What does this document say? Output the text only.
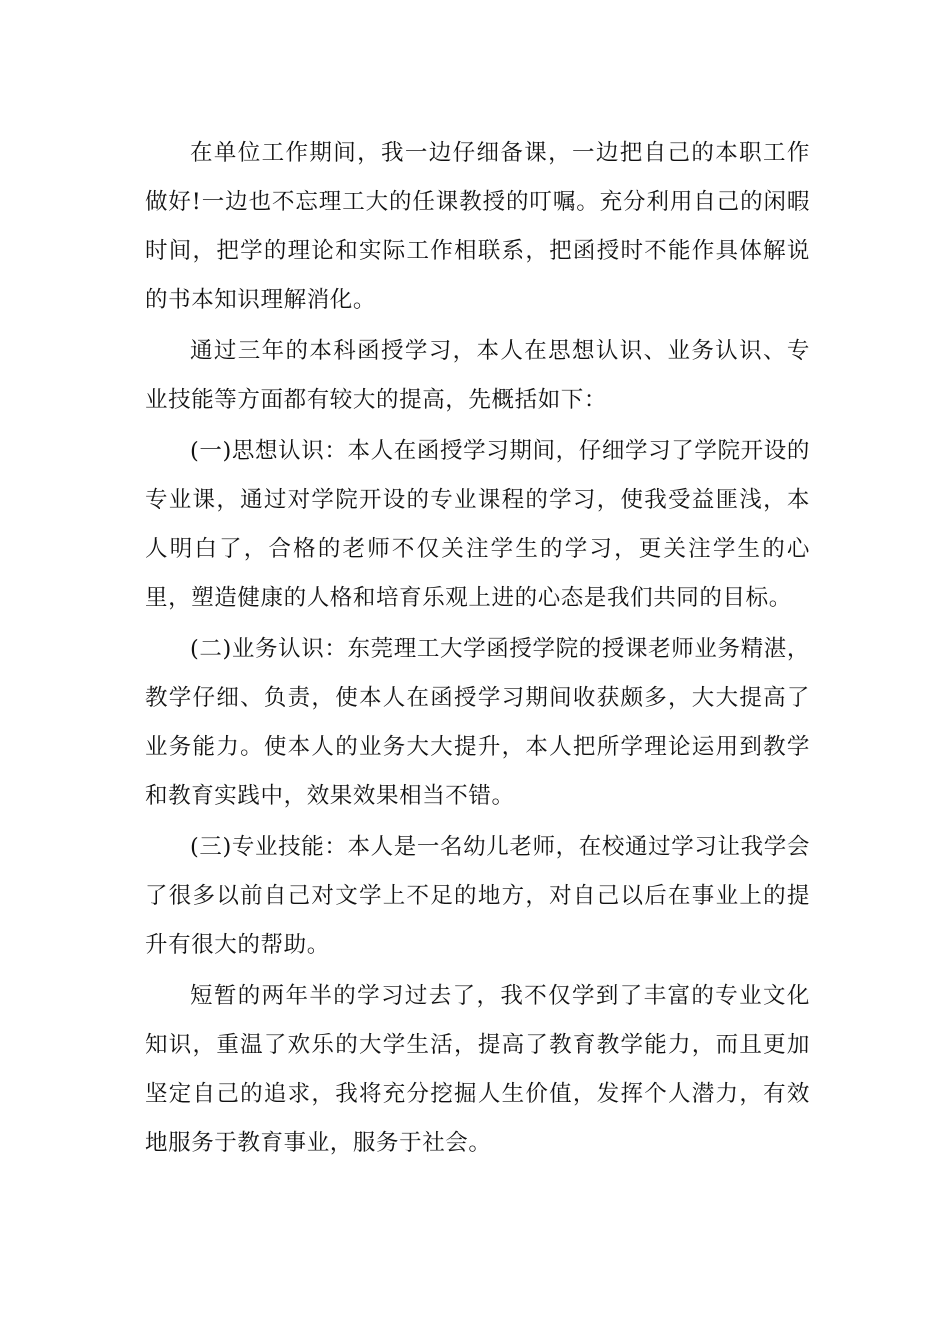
在单位工作期间，我一边仔细备课，一边把自己的本职工作做好!一边也不忘理工大的任课教授的叮嘱。充分利用自己的闲暇时间，把学的理论和实际工作相联系，把函授时不能作具体解说的书本知识理解消化。

通过三年的本科函授学习，本人在思想认识、业务认识、专业技能等方面都有较大的提高，先概括如下：

(一)思想认识：本人在函授学习期间，仔细学习了学院开设的专业课，通过对学院开设的专业课程的学习，使我受益匪浅，本人明白了，合格的老师不仅关注学生的学习，更关注学生的心里，塑造健康的人格和培育乐观上进的心态是我们共同的目标。

(二)业务认识：东莞理工大学函授学院的授课老师业务精湛，教学仔细、负责，使本人在函授学习期间收获颇多，大大提高了业务能力。使本人的业务大大提升，本人把所学理论运用到教学和教育实践中，效果效果相当不错。

(三)专业技能：本人是一名幼儿老师，在校通过学习让我学会了很多以前自己对文学上不足的地方，对自己以后在事业上的提升有很大的帮助。

短暂的两年半的学习过去了，我不仅学到了丰富的专业文化知识，重温了欢乐的大学生活，提高了教育教学能力，而且更加坚定自己的追求，我将充分挖掘人生价值，发挥个人潜力，有效地服务于教育事业，服务于社会。
